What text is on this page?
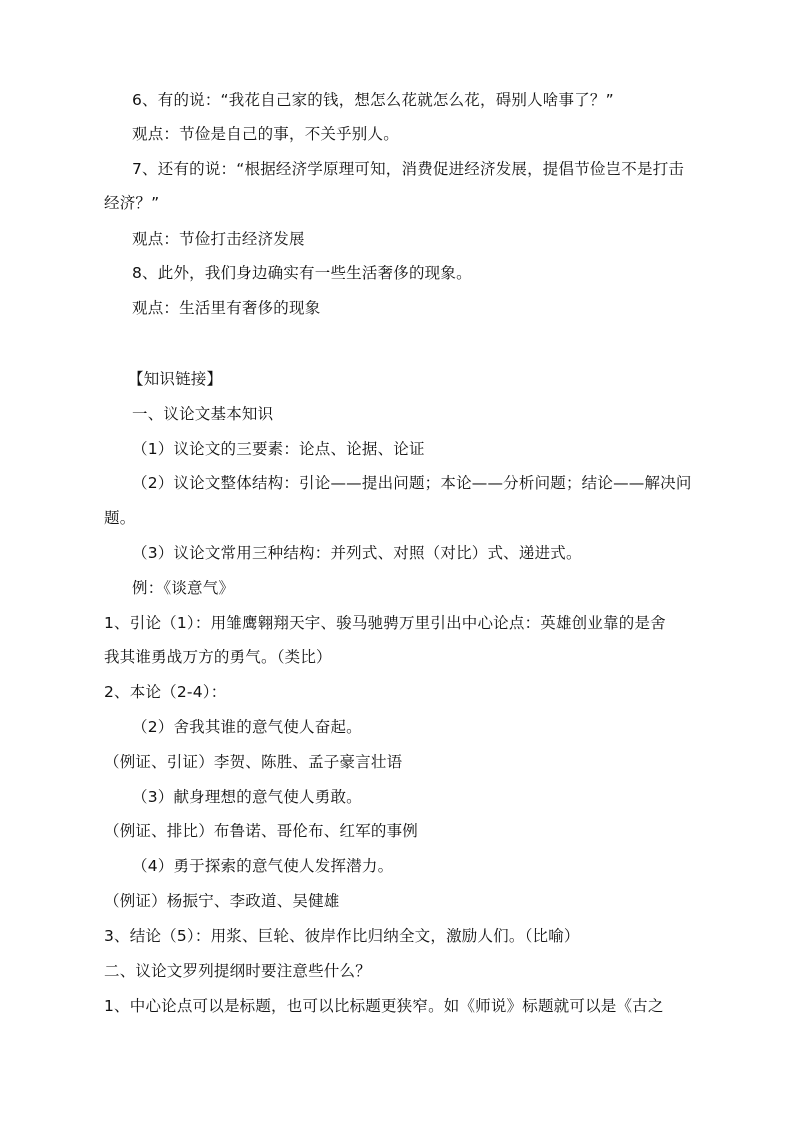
6、有的说：“我花自己家的钱，想怎么花就怎么花，碍别人啥事了？”
观点：节俭是自己的事，不关乎别人。
7、还有的说：“根据经济学原理可知，消费促进经济发展，提倡节俭岂不是打击
经济？”
观点：节俭打击经济发展
8、此外，我们身边确实有一些生活奢侈的现象。
观点：生活里有奢侈的现象
【知识链接】
一、议论文基本知识
（1）议论文的三要素：论点、论据、论证
（2）议论文整体结构：引论——提出问题；本论——分析问题；结论——解决问
题。
（3）议论文常用三种结构：并列式、对照（对比）式、递进式。
例：《谈意气》
1、引论（1）：用雏鹰翱翔天宇、骏马驰骋万里引出中心论点：英雄创业靠的是舍
我其谁勇战万方的勇气。（类比）
2、本论（2-4）：
（2）舍我其谁的意气使人奋起。
（例证、引证）李贺、陈胜、孟子豪言壮语
（3）献身理想的意气使人勇敢。
（例证、排比）布鲁诺、哥伦布、红军的事例
（4）勇于探索的意气使人发挥潜力。
（例证）杨振宁、李政道、吴健雄
3、结论（5）：用浆、巨轮、彼岸作比归纳全文，激励人们。（比喻）
二、议论文罗列提纲时要注意些什么？
1、中心论点可以是标题，也可以比标题更狭窄。如《师说》标题就可以是《古之
